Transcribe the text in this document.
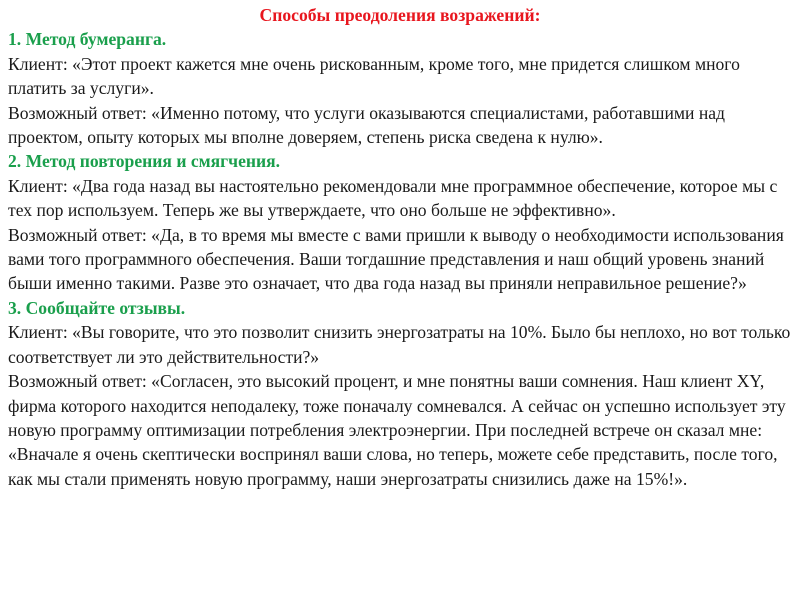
Способы преодоления возражений:

1. Метод бумеранга.

Клиент: «Этот проект кажется мне очень рискованным, кроме того, мне придется слишком много платить за услуги».

Возможный ответ: «Именно потому, что услуги оказываются специалистами, работавшими над проектом, опыту которых мы вполне доверяем, степень риска сведена к нулю».

2. Метод повторения и смягчения.

Клиент: «Два года назад вы настоятельно рекомендовали мне программное обеспечение, которое мы с тех пор используем. Теперь же вы утверждаете, что оно больше не эффективно».

Возможный ответ: «Да, в то время мы вместе с вами пришли к выводу о необходимости использования вами того программного обеспечения. Ваши тогдашние представления и наш общий уровень знаний быши именно такими. Разве это означает, что два года назад вы приняли неправильное решение?»

3. Сообщайте отзывы.

Клиент: «Вы говорите, что это позволит снизить энергозатраты на 10%. Было бы неплохо, но вот только соответствует ли это действительности?»

Возможный ответ: «Согласен, это высокий процент, и мне понятны ваши сомнения. Наш клиент XY, фирма которого находится неподалеку, тоже поначалу сомневался. А сейчас он успешно использует эту новую программу оптимизации потребления электроэнергии. При последней встрече он сказал мне: «Вначале я очень скептически воспринял ваши слова, но теперь, можете себе представить, после того, как мы стали применять новую программу, наши энергозатраты снизились даже на 15%!».
